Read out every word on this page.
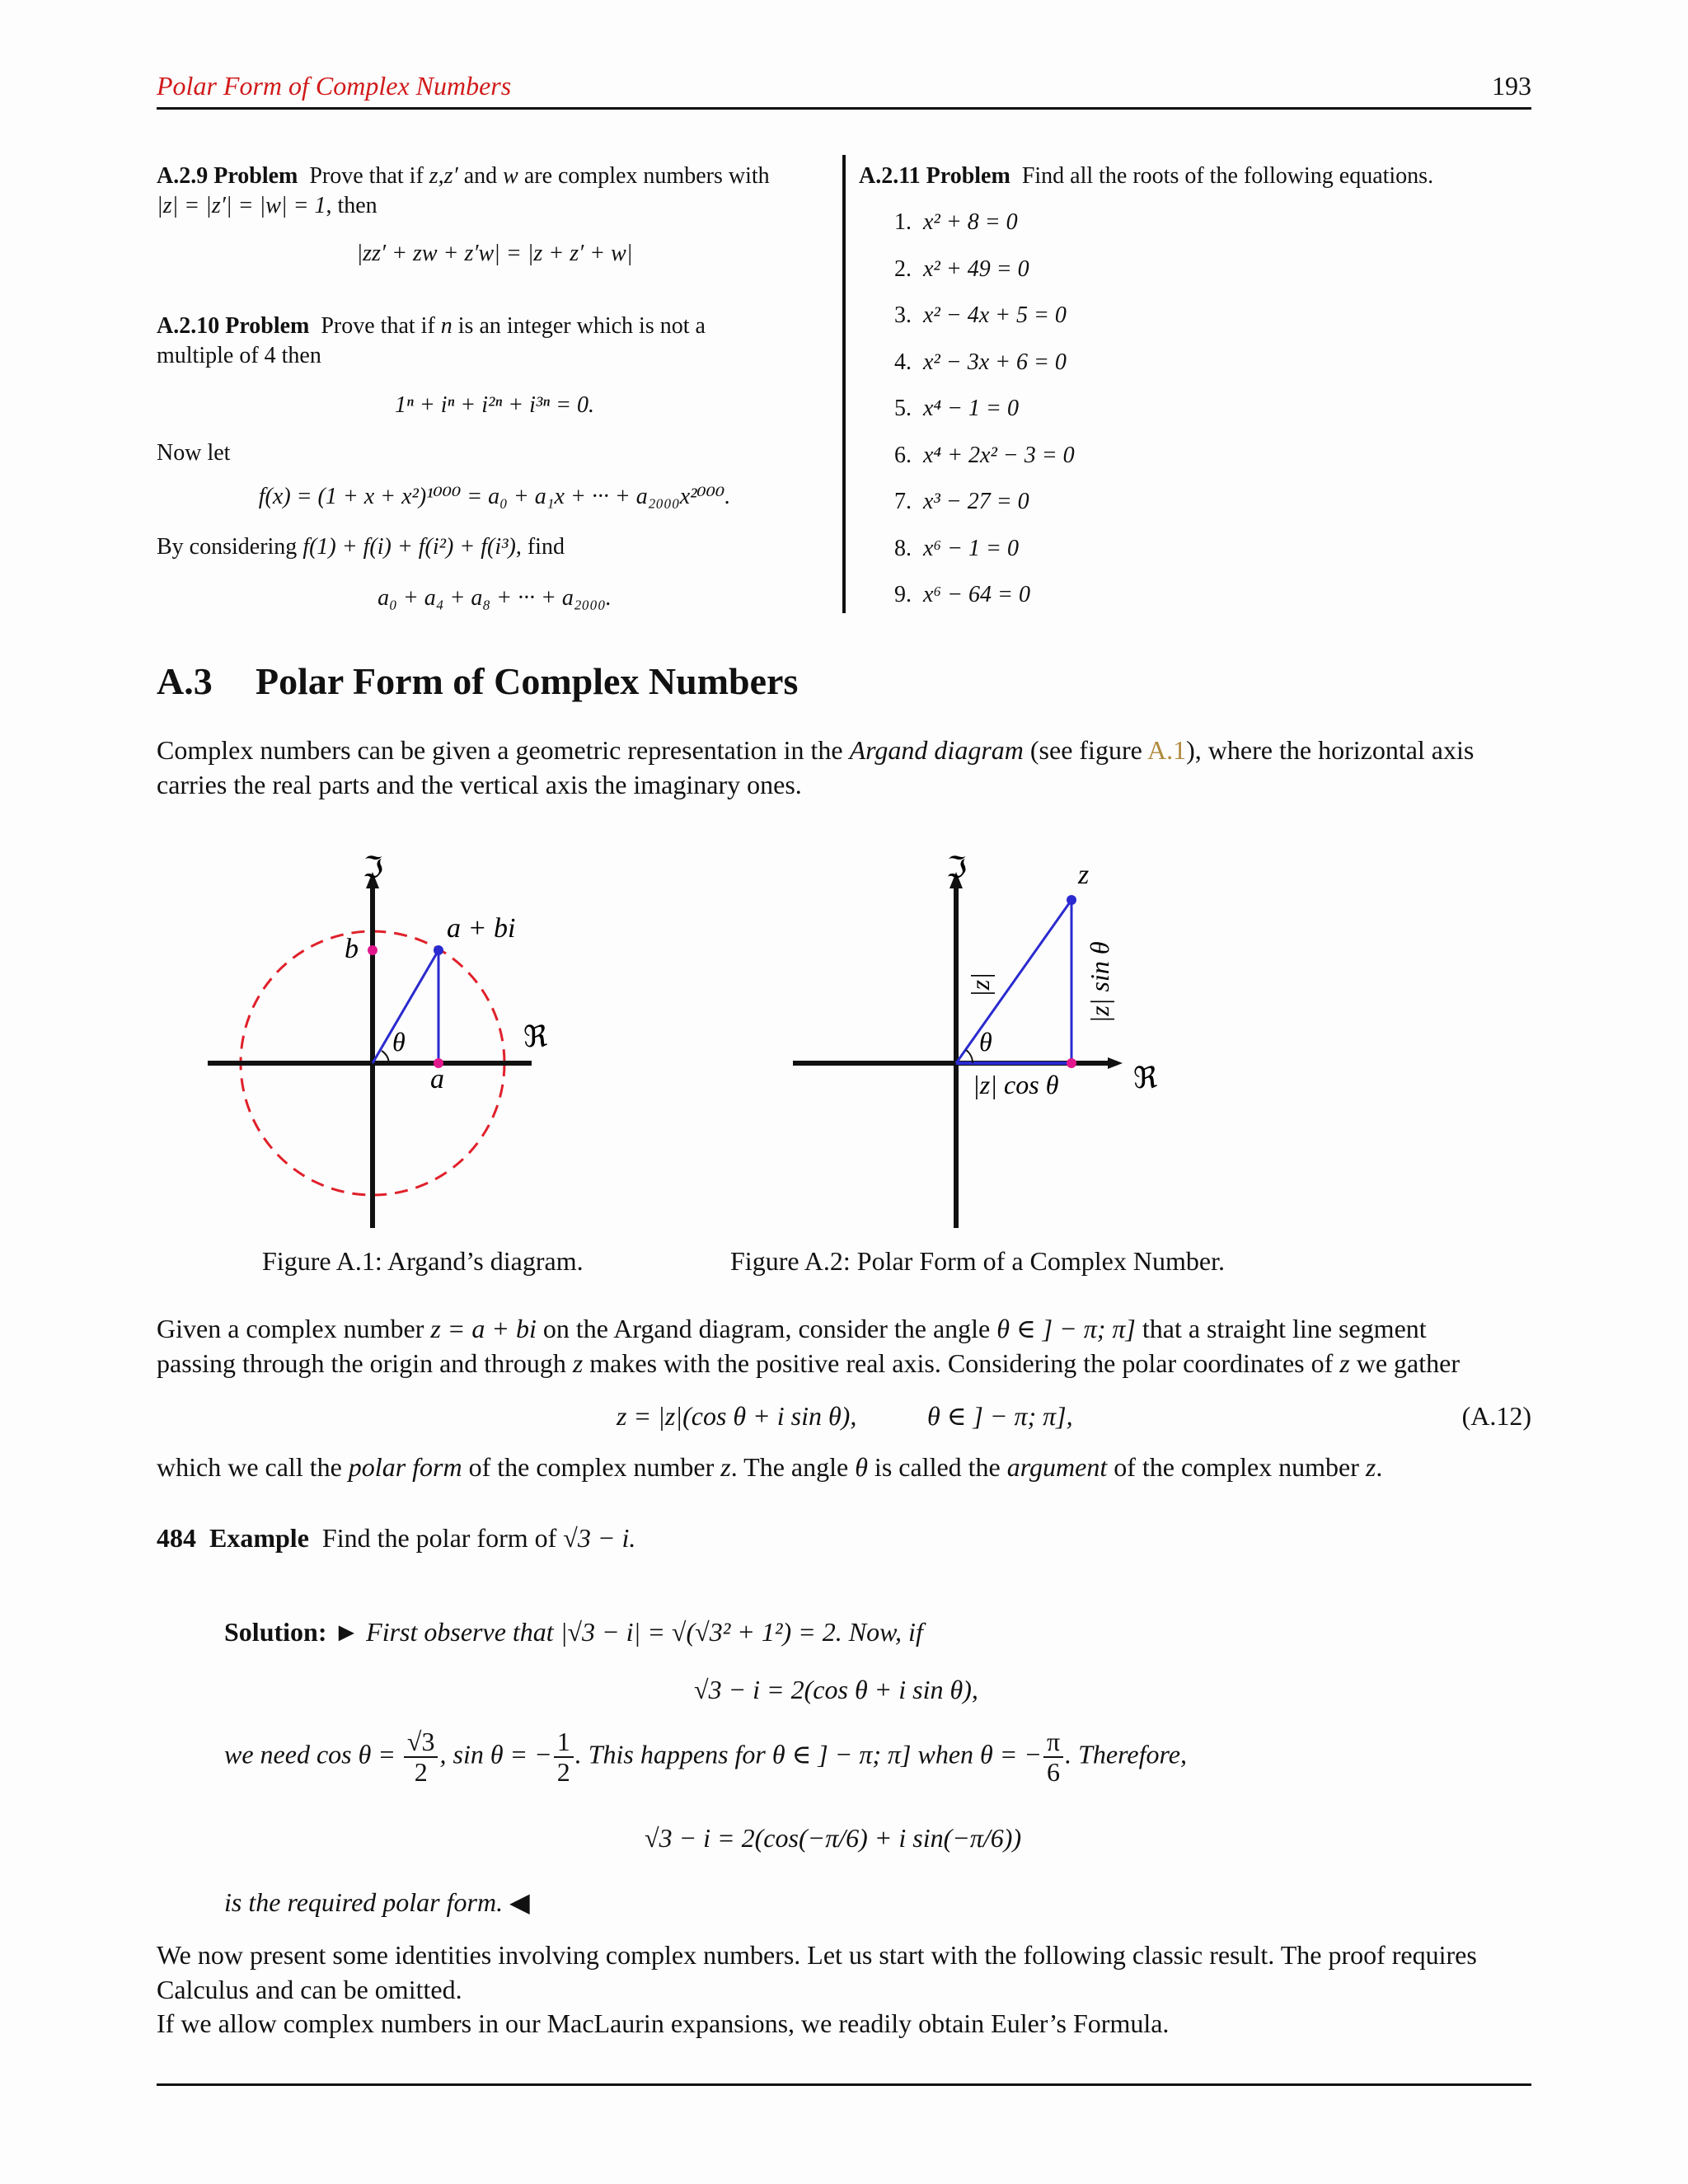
Polar Form of Complex Numbers	193
A.2.9 Problem Prove that if z,z′ and w are complex numbers with
|z| = |z′| = |w| = 1, then
|zz′ + zw + z′w| = |z + z′ + w|
A.2.10 Problem Prove that if n is an integer which is not a
multiple of 4 then
1ⁿ + iⁿ + i²ⁿ + i³ⁿ = 0.
Now let
f(x) = (1 + x + x²)¹⁰⁰⁰ = a₀ + a₁x + ··· + a₂₀₀₀x²⁰⁰⁰.
By considering f(1) + f(i) + f(i²) + f(i³), find
a₀ + a₄ + a₈ + ··· + a₂₀₀₀.
A.2.11 Problem Find all the roots of the following equations.
1. x² + 8 = 0
2. x² + 49 = 0
3. x² − 4x + 5 = 0
4. x² − 3x + 6 = 0
5. x⁴ − 1 = 0
6. x⁴ + 2x² − 3 = 0
7. x³ − 27 = 0
8. x⁶ − 1 = 0
9. x⁶ − 64 = 0
A.3 Polar Form of Complex Numbers
Complex numbers can be given a geometric representation in the Argand diagram (see figure A.1), where the horizontal axis
carries the real parts and the vertical axis the imaginary ones.
ℑ
ℜ
a + bi
b
a
θ
Figure A.1: Argand’s diagram.
ℑ
ℜ
z
|z|	|z| sin θ
|z| cos θ
θ
Figure A.2: Polar Form of a Complex Number.
Given a complex number z = a + bi on the Argand diagram, consider the angle θ ∈ ] − π; π] that a straight line segment
passing through the origin and through z makes with the positive real axis. Considering the polar coordinates of z we gather
z = |z|(cos θ + i sin θ),	θ ∈ ] − π; π],	(A.12)
which we call the polar form of the complex number z. The angle θ is called the argument of the complex number z.
484 Example Find the polar form of √3 − i.
Solution: ► First observe that |√3 − i| = √(√3² + 1²) = 2. Now, if
√3 − i = 2(cos θ + i sin θ),
we need $\cos \theta = \frac{√3}{2}$ , sin θ = − $\frac{1}{2}$ . This happens for θ ∈ ] − π; π] when θ = − $\frac{\pi}{6}$ . Therefore,
√3 − i = 2(cos(−π/6) + i sin(−π/6))
is the required polar form. ◀
We now present some identities involving complex numbers. Let us start with the following classic result. The proof requires
Calculus and can be omitted.
If we allow complex numbers in our MacLaurin expansions, we readily obtain Euler’s Formula.
